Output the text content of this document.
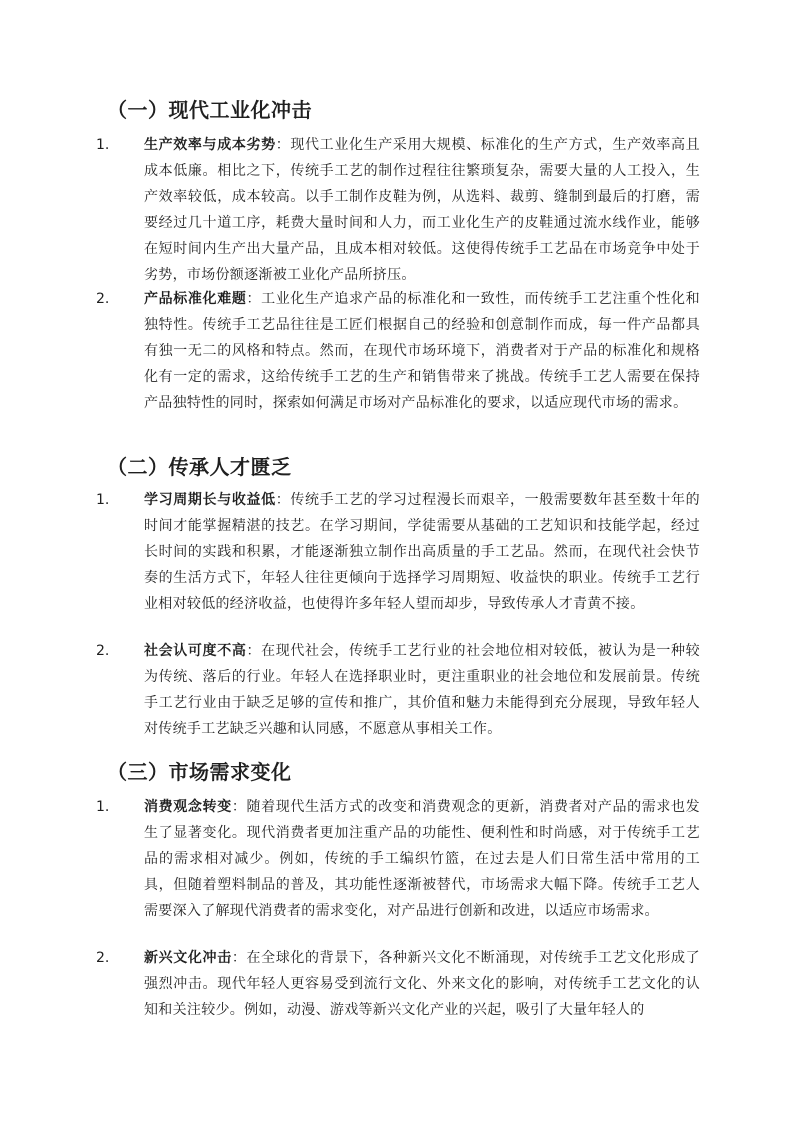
（一）现代工业化冲击
1. 生产效率与成本劣势：现代工业化生产采用大规模、标准化的生产方式，生产效率高且成本低廉。相比之下，传统手工艺的制作过程往往繁琐复杂，需要大量的人工投入，生产效率较低，成本较高。以手工制作皮鞋为例，从选料、裁剪、缝制到最后的打磨，需要经过几十道工序，耗费大量时间和人力，而工业化生产的皮鞋通过流水线作业，能够在短时间内生产出大量产品，且成本相对较低。这使得传统手工艺品在市场竞争中处于劣势，市场份额逐渐被工业化产品所挤压。

2. 产品标准化难题：工业化生产追求产品的标准化和一致性，而传统手工艺注重个性化和独特性。传统手工艺品往往是工匠们根据自己的经验和创意制作而成，每一件产品都具有独一无二的风格和特点。然而，在现代市场环境下，消费者对于产品的标准化和规格化有一定的需求，这给传统手工艺的生产和销售带来了挑战。传统手工艺人需要在保持产品独特性的同时，探索如何满足市场对产品标准化的要求，以适应现代市场的需求。

（二）传承人才匮乏
1. 学习周期长与收益低：传统手工艺的学习过程漫长而艰辛，一般需要数年甚至数十年的时间才能掌握精湛的技艺。在学习期间，学徒需要从基础的工艺知识和技能学起，经过长时间的实践和积累，才能逐渐独立制作出高质量的手工艺品。然而，在现代社会快节奏的生活方式下，年轻人往往更倾向于选择学习周期短、收益快的职业。传统手工艺行业相对较低的经济收益，也使得许多年轻人望而却步，导致传承人才青黄不接。

2. 社会认可度不高：在现代社会，传统手工艺行业的社会地位相对较低，被认为是一种较为传统、落后的行业。年轻人在选择职业时，更注重职业的社会地位和发展前景。传统手工艺行业由于缺乏足够的宣传和推广，其价值和魅力未能得到充分展现，导致年轻人对传统手工艺缺乏兴趣和认同感，不愿意从事相关工作。

（三）市场需求变化
1. 消费观念转变：随着现代生活方式的改变和消费观念的更新，消费者对产品的需求也发生了显著变化。现代消费者更加注重产品的功能性、便利性和时尚感，对于传统手工艺品的需求相对减少。例如，传统的手工编织竹篮，在过去是人们日常生活中常用的工具，但随着塑料制品的普及，其功能性逐渐被替代，市场需求大幅下降。传统手工艺人需要深入了解现代消费者的需求变化，对产品进行创新和改进，以适应市场需求。

2. 新兴文化冲击：在全球化的背景下，各种新兴文化不断涌现，对传统手工艺文化形成了强烈冲击。现代年轻人更容易受到流行文化、外来文化的影响，对传统手工艺文化的认知和关注较少。例如，动漫、游戏等新兴文化产业的兴起，吸引了大量年轻人的
